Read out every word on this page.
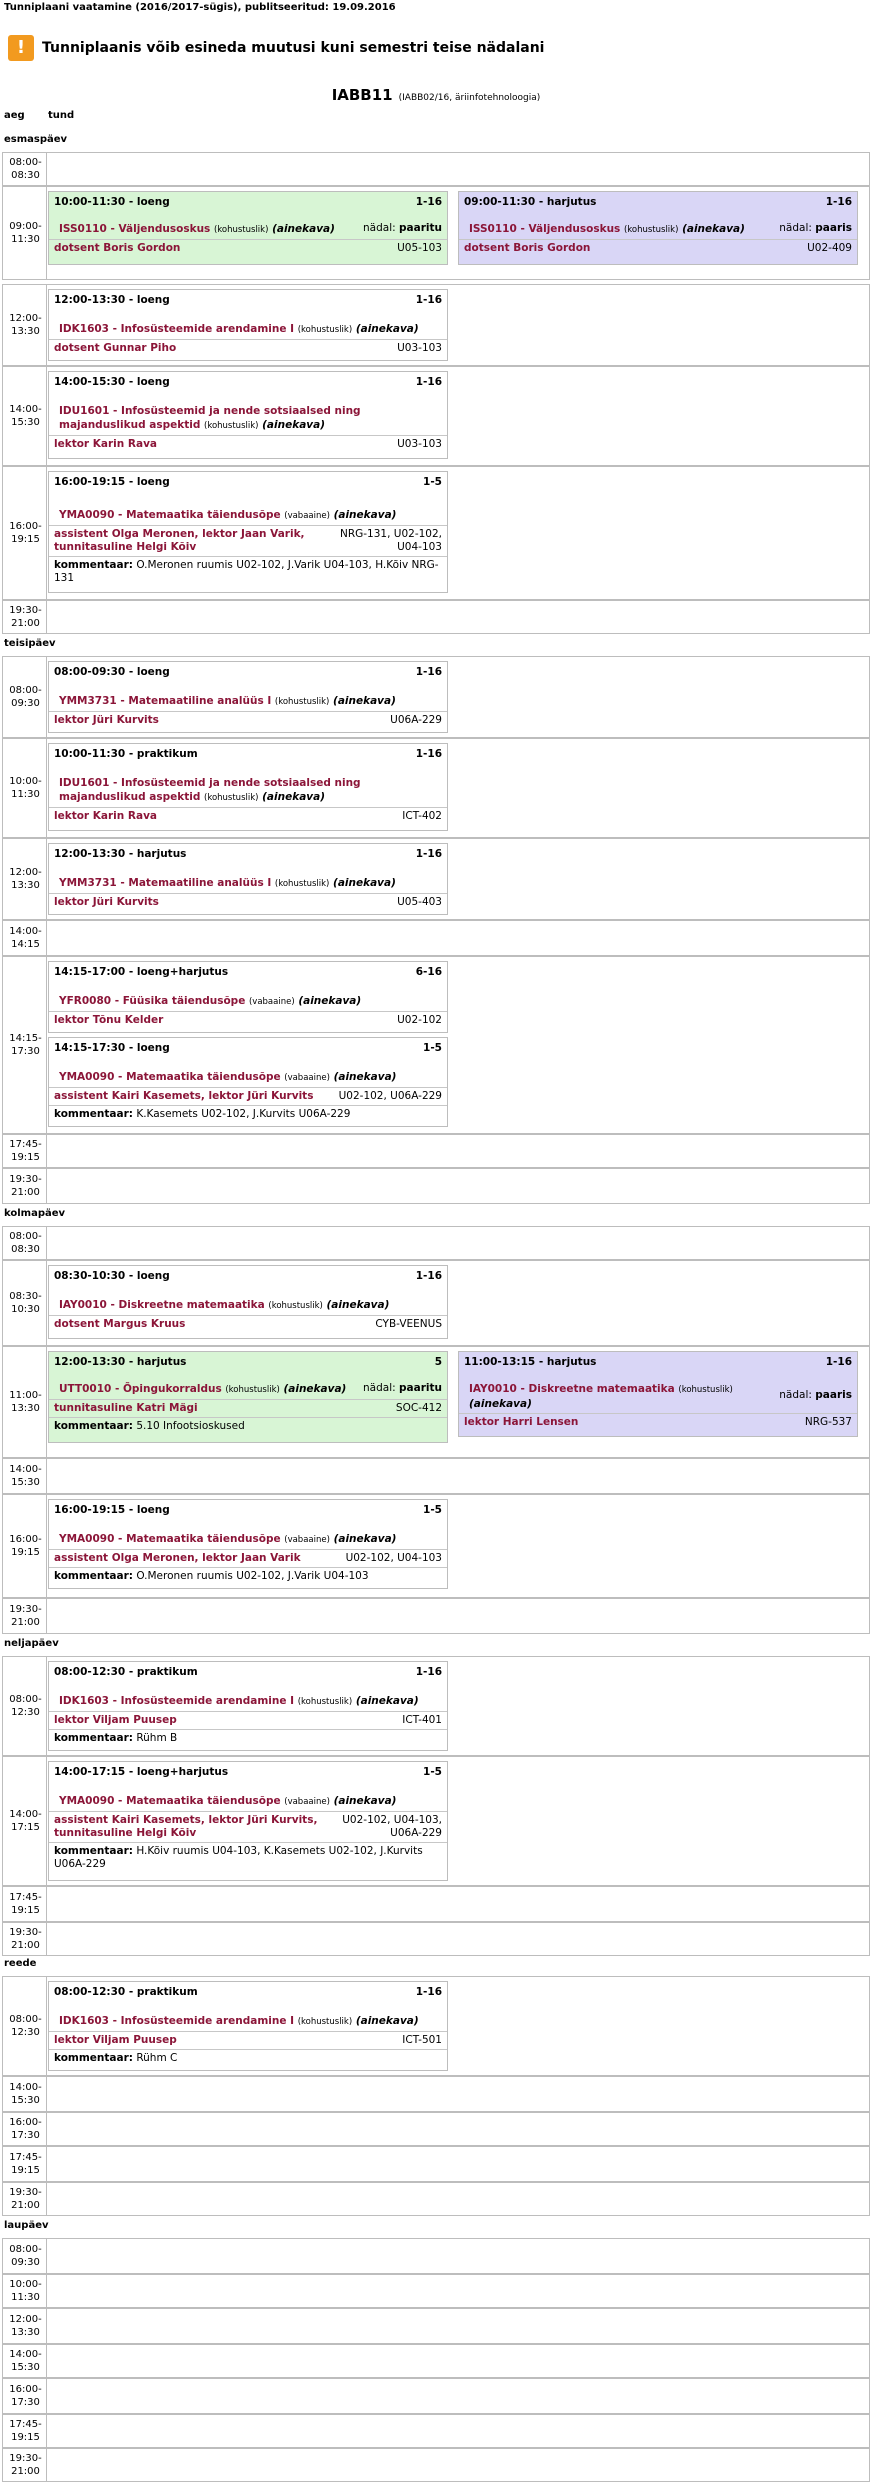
Tunniplaani vaatamine (2016/2017-sügis), publitseeritud: 19.09.2016
!	Tunniplaanis võib esineda muutusi kuni semestri teise nädalani
IABB11 (IABB02/16, äriinfotehnoloogia)
aeg tund
esmaspäev
08:00-
08:30
09:00-
11:30
10:00-11:30 - loeng	1-16
ISS0110 - Väljendusoskus (kohustuslik) (ainekava)	nädal: paaritu
dotsent Boris Gordon	U05-103
09:00-11:30 - harjutus	1-16
ISS0110 - Väljendusoskus (kohustuslik) (ainekava)	nädal: paaris
dotsent Boris Gordon	U02-409
12:00-
13:30
12:00-13:30 - loeng	1-16
IDK1603 - Infosüsteemide arendamine I (kohustuslik) (ainekava)
dotsent Gunnar Piho	U03-103
14:00-
15:30
14:00-15:30 - loeng	1-16
IDU1601 - Infosüsteemid ja nende sotsiaalsed ning majanduslikud aspektid (kohustuslik) (ainekava)
lektor Karin Rava	U03-103
16:00-
19:15
16:00-19:15 - loeng	1-5
YMA0090 - Matemaatika täiendusõpe (vabaaine) (ainekava)
assistent Olga Meronen, lektor Jaan Varik,
tunnitasuline Helgi Kõiv
NRG-131, U02-102,
U04-103
kommentaar: O.Meronen ruumis U02-102, J.Varik U04-103, H.Kõiv NRG-131
19:30-
21:00
teisipäev
08:00-
09:30
08:00-09:30 - loeng	1-16
YMM3731 - Matemaatiline analüüs I (kohustuslik) (ainekava)
lektor Jüri Kurvits	U06A-229
10:00-
11:30
10:00-11:30 - praktikum	1-16
IDU1601 - Infosüsteemid ja nende sotsiaalsed ning majanduslikud aspektid (kohustuslik) (ainekava)
lektor Karin Rava	ICT-402
12:00-
13:30
12:00-13:30 - harjutus	1-16
YMM3731 - Matemaatiline analüüs I (kohustuslik) (ainekava)
lektor Jüri Kurvits	U05-403
14:00-
14:15
14:15-
17:30
14:15-17:00 - loeng+harjutus	6-16
YFR0080 - Füüsika täiendusõpe (vabaaine) (ainekava)
lektor Tõnu Kelder	U02-102
14:15-17:30 - loeng	1-5
YMA0090 - Matemaatika täiendusõpe (vabaaine) (ainekava)
assistent Kairi Kasemets, lektor Jüri Kurvits	U02-102, U06A-229
kommentaar: K.Kasemets U02-102, J.Kurvits U06A-229
17:45-
19:15
19:30-
21:00
kolmapäev
08:00-
08:30
08:30-
10:30
08:30-10:30 - loeng	1-16
IAY0010 - Diskreetne matemaatika (kohustuslik) (ainekava)
dotsent Margus Kruus	CYB-VEENUS
11:00-
13:30
12:00-13:30 - harjutus	5
UTT0010 - Õpingukorraldus (kohustuslik) (ainekava)	nädal: paaritu
tunnitasuline Katri Mägi	SOC-412
kommentaar: 5.10 Infootsioskused
11:00-13:15 - harjutus	1-16
IAY0010 - Diskreetne matemaatika (kohustuslik)
(ainekava)
nädal: paaris
lektor Harri Lensen	NRG-537
14:00-
15:30
16:00-
19:15
16:00-19:15 - loeng	1-5
YMA0090 - Matemaatika täiendusõpe (vabaaine) (ainekava)
assistent Olga Meronen, lektor Jaan Varik	U02-102, U04-103
kommentaar: O.Meronen ruumis U02-102, J.Varik U04-103
19:30-
21:00
neljapäev
08:00-
12:30
08:00-12:30 - praktikum	1-16
IDK1603 - Infosüsteemide arendamine I (kohustuslik) (ainekava)
lektor Viljam Puusep	ICT-401
kommentaar: Rühm B
14:00-
17:15
14:00-17:15 - loeng+harjutus	1-5
YMA0090 - Matemaatika täiendusõpe (vabaaine) (ainekava)
assistent Kairi Kasemets, lektor Jüri Kurvits,
tunnitasuline Helgi Kõiv
U02-102, U04-103,
U06A-229
kommentaar: H.Kõiv ruumis U04-103, K.Kasemets U02-102, J.Kurvits U06A-229
17:45-
19:15
19:30-
21:00
reede
08:00-
12:30
08:00-12:30 - praktikum	1-16
IDK1603 - Infosüsteemide arendamine I (kohustuslik) (ainekava)
lektor Viljam Puusep	ICT-501
kommentaar: Rühm C
14:00-
15:30
16:00-
17:30
17:45-
19:15
19:30-
21:00
laupäev
08:00-
09:30
10:00-
11:30
12:00-
13:30
14:00-
15:30
16:00-
17:30
17:45-
19:15
19:30-
21:00
